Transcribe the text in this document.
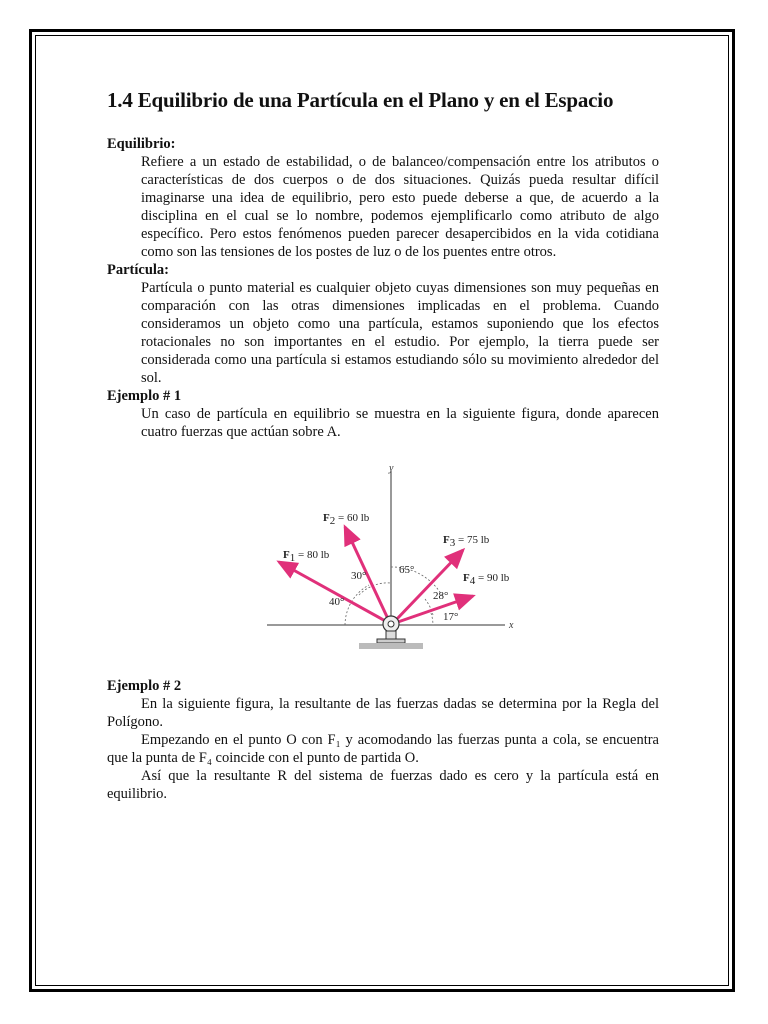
1.4 Equilibrio de una Partícula en el Plano y en el Espacio

Equilibrio:

Refiere a un estado de estabilidad, o de balanceo/compensación entre los atributos o características de dos cuerpos o de dos situaciones. Quizás pueda resultar difícil imaginarse una idea de equilibrio, pero esto puede deberse a que, de acuerdo a la disciplina en el cual se lo nombre, podemos ejemplificarlo como atributo de algo específico. Pero estos fenómenos pueden parecer desapercibidos en la vida cotidiana como son las tensiones de los postes de luz o de los puentes entre otros.

Partícula:

Partícula o punto material es cualquier objeto cuyas dimensiones son muy pequeñas en comparación con las otras dimensiones implicadas en el problema. Cuando consideramos un objeto como una partícula, estamos suponiendo que los efectos rotacionales no son importantes en el estudio. Por ejemplo, la tierra puede ser considerada como una partícula si estamos estudiando sólo su movimiento alrededor del sol.

Ejemplo # 1

Un caso de partícula en equilibrio se muestra en la siguiente figura, donde aparecen cuatro fuerzas que actúan sobre A.

y
x
F1 = 80 lb
F2 = 60 lb
F3 = 75 lb
F4 = 90 lb
40°
30°	65°
28°
17°

Ejemplo # 2

En la siguiente figura, la resultante de las fuerzas dadas se determina por la Regla del Polígono.

Empezando en el punto O con F₁ y acomodando las fuerzas punta a cola, se encuentra que la punta de F₄ coincide con el punto de partida O.

Así que la resultante R del sistema de fuerzas dado es cero y la partícula está en equilibrio.
